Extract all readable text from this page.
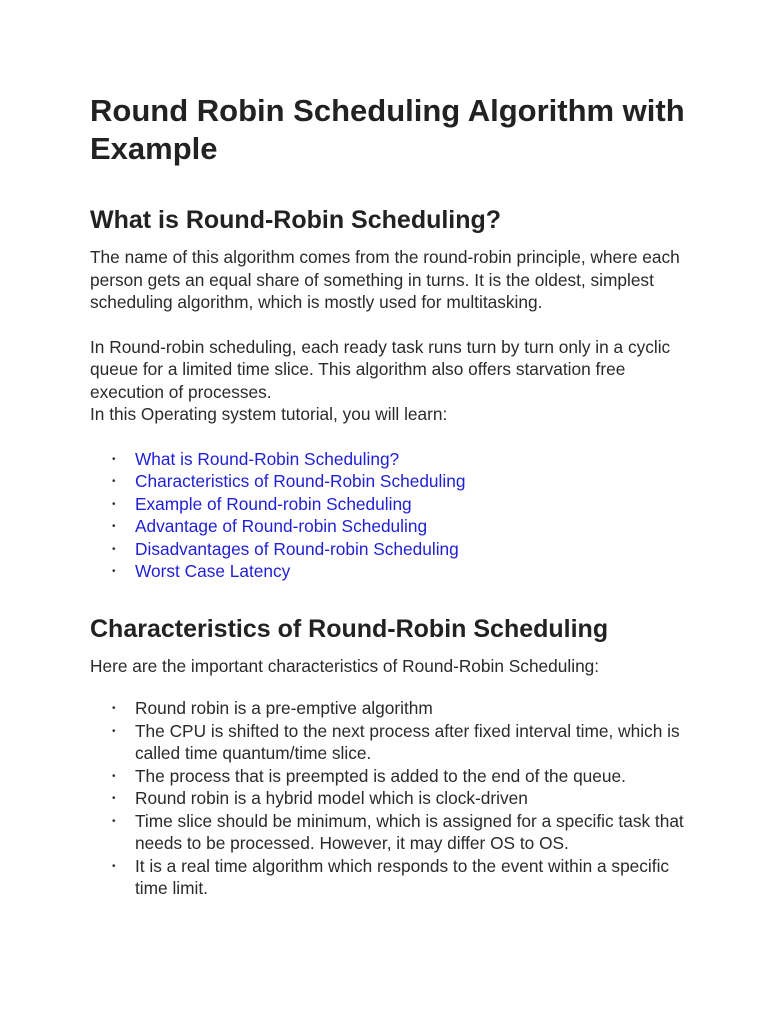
Round Robin Scheduling Algorithm with Example
What is Round-Robin Scheduling?

The name of this algorithm comes from the round-robin principle, where each person gets an equal share of something in turns. It is the oldest, simplest scheduling algorithm, which is mostly used for multitasking.

In Round-robin scheduling, each ready task runs turn by turn only in a cyclic queue for a limited time slice. This algorithm also offers starvation free execution of processes.
In this Operating system tutorial, you will learn:

• What is Round-Robin Scheduling?
• Characteristics of Round-Robin Scheduling
• Example of Round-robin Scheduling
• Advantage of Round-robin Scheduling
• Disadvantages of Round-robin Scheduling
• Worst Case Latency
Characteristics of Round-Robin Scheduling

Here are the important characteristics of Round-Robin Scheduling:

• Round robin is a pre-emptive algorithm
• The CPU is shifted to the next process after fixed interval time, which is called time quantum/time slice.
• The process that is preempted is added to the end of the queue.
• Round robin is a hybrid model which is clock-driven
• Time slice should be minimum, which is assigned for a specific task that needs to be processed. However, it may differ OS to OS.
• It is a real time algorithm which responds to the event within a specific time limit.
